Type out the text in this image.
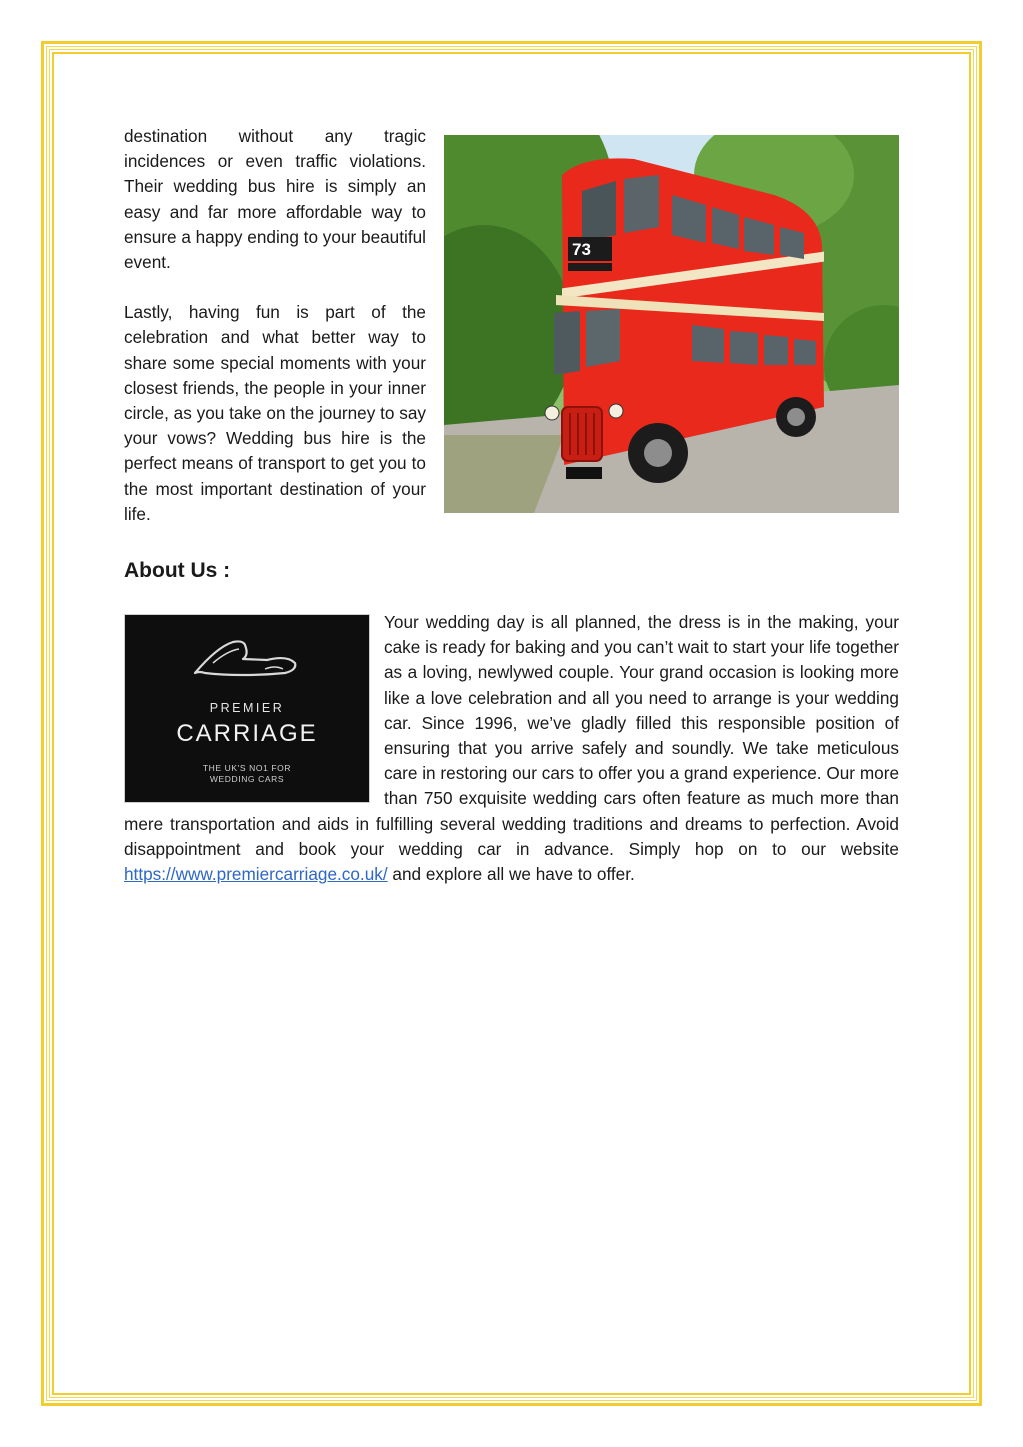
destination without any tragic incidences or even traffic violations. Their wedding bus hire is simply an easy and far more affordable way to ensure a happy ending to your beautiful event.

Lastly, having fun is part of the celebration and what better way to share some special moments with your closest friends, the people in your inner circle, as you take on the journey to say your vows? Wedding bus hire is the perfect means of transport to get you to the most important destination of your life.

73
About Us :
PREMIER
CARRIAGE
THE UK'S NO1 FOR
WEDDING CARS

Your wedding day is all planned, the dress is in the making, your cake is ready for baking and you can’t wait to start your life together as a loving, newlywed couple. Your grand occasion is looking more like a love celebration and all you need to arrange is your wedding car. Since 1996, we’ve gladly filled this responsible position of ensuring that you arrive safely and soundly. We take meticulous care in restoring our cars to offer you a grand experience. Our more than 750 exquisite wedding cars often feature as much more than mere transportation and aids in fulfilling several wedding traditions and dreams to perfection. Avoid disappointment and book your wedding car in advance. Simply hop on to our website https://www.premiercarriage.co.uk/ and explore all we have to offer.
